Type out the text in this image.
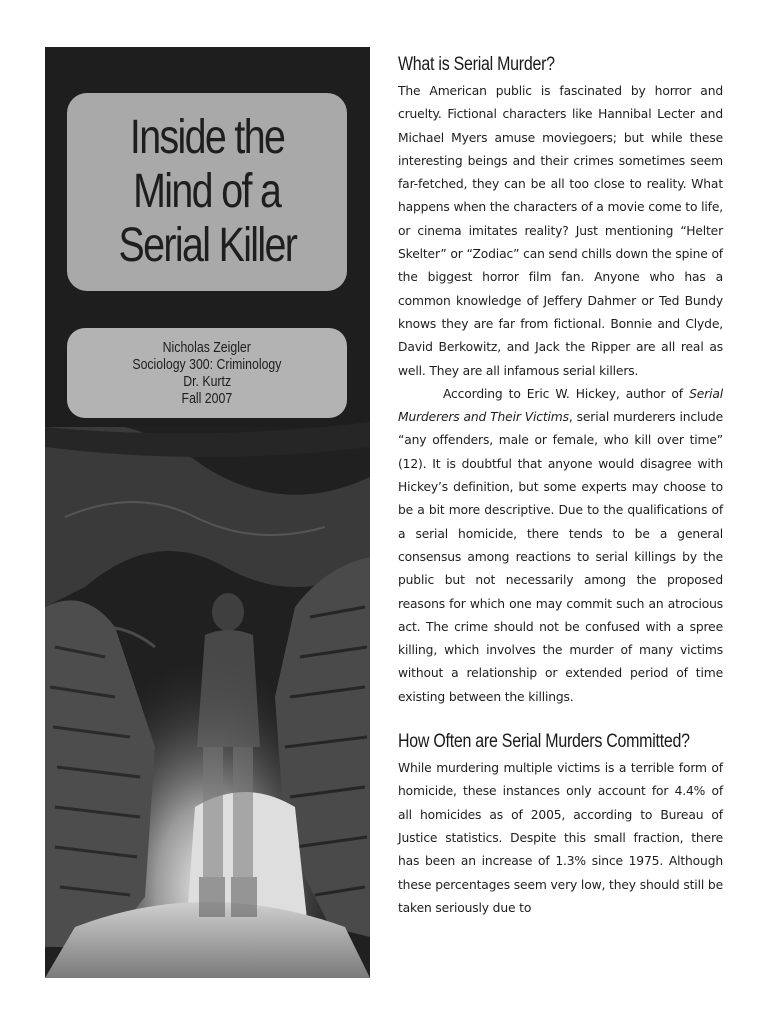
Inside the
Mind of a
Serial Killer
Nicholas Zeigler
Sociology 300: Criminology
Dr. Kurtz
Fall 2007
What is Serial Murder?

The American public is fascinated by horror and cruelty. Fictional characters like Hannibal Lecter and Michael Myers amuse moviegoers; but while these interesting beings and their crimes sometimes seem far-fetched, they can be all too close to reality. What happens when the characters of a movie come to life, or cinema imitates reality? Just mentioning “Helter Skelter” or “Zodiac” can send chills down the spine of the biggest horror film fan. Anyone who has a common knowledge of Jeffery Dahmer or Ted Bundy knows they are far from fictional. Bonnie and Clyde, David Berkowitz, and Jack the Ripper are all real as well. They are all infamous serial killers.

According to Eric W. Hickey, author of Serial Murderers and Their Victims, serial murderers include “any offenders, male or female, who kill over time” (12). It is doubtful that anyone would disagree with Hickey’s definition, but some experts may choose to be a bit more descriptive. Due to the qualifications of a serial homicide, there tends to be a general consensus among reactions to serial killings by the public but not necessarily among the proposed reasons for which one may commit such an atrocious act. The crime should not be confused with a spree killing, which involves the murder of many victims without a relationship or extended period of time existing between the killings.

How Often are Serial Murders Committed?

While murdering multiple victims is a terrible form of homicide, these instances only account for 4.4% of all homicides as of 2005, according to Bureau of Justice statistics. Despite this small fraction, there has been an increase of 1.3% since 1975. Although these percentages seem very low, they should still be taken seriously due to
